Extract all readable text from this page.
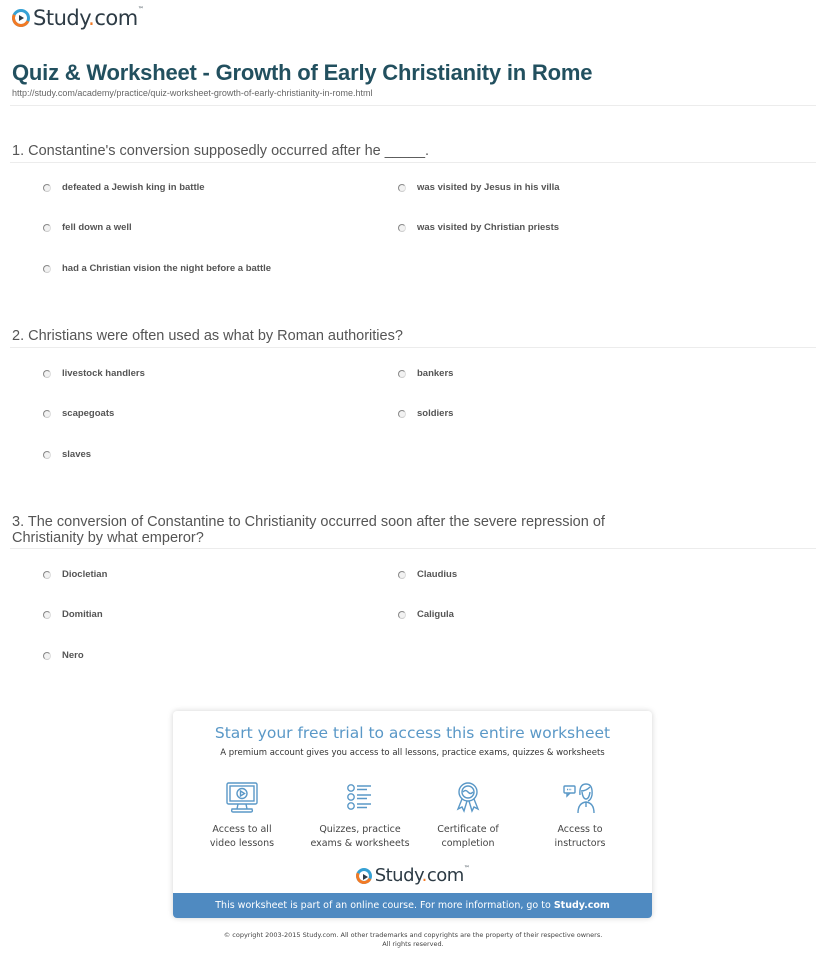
Study.com™
Quiz & Worksheet - Growth of Early Christianity in Rome
http://study.com/academy/practice/quiz-worksheet-growth-of-early-christianity-in-rome.html
1. Constantine's conversion supposedly occurred after he _____.
defeated a Jewish king in battle	was visited by Jesus in his villa
fell down a well	was visited by Christian priests
had a Christian vision the night before a battle
2. Christians were often used as what by Roman authorities?
livestock handlers	bankers
scapegoats	soldiers
slaves
3. The conversion of Constantine to Christianity occurred soon after the severe repression of
Christianity by what emperor?
Diocletian	Claudius
Domitian	Caligula
Nero
Start your free trial to access this entire worksheet
A premium account gives you access to all lessons, practice exams, quizzes & worksheets
Access to all
video lessons
Quizzes, practice
exams & worksheets
Certificate of
completion
Access to
instructors
Study.com™
This worksheet is part of an online course. For more information, go to Study.com
© copyright 2003-2015 Study.com. All other trademarks and copyrights are the property of their respective owners.
All rights reserved.
